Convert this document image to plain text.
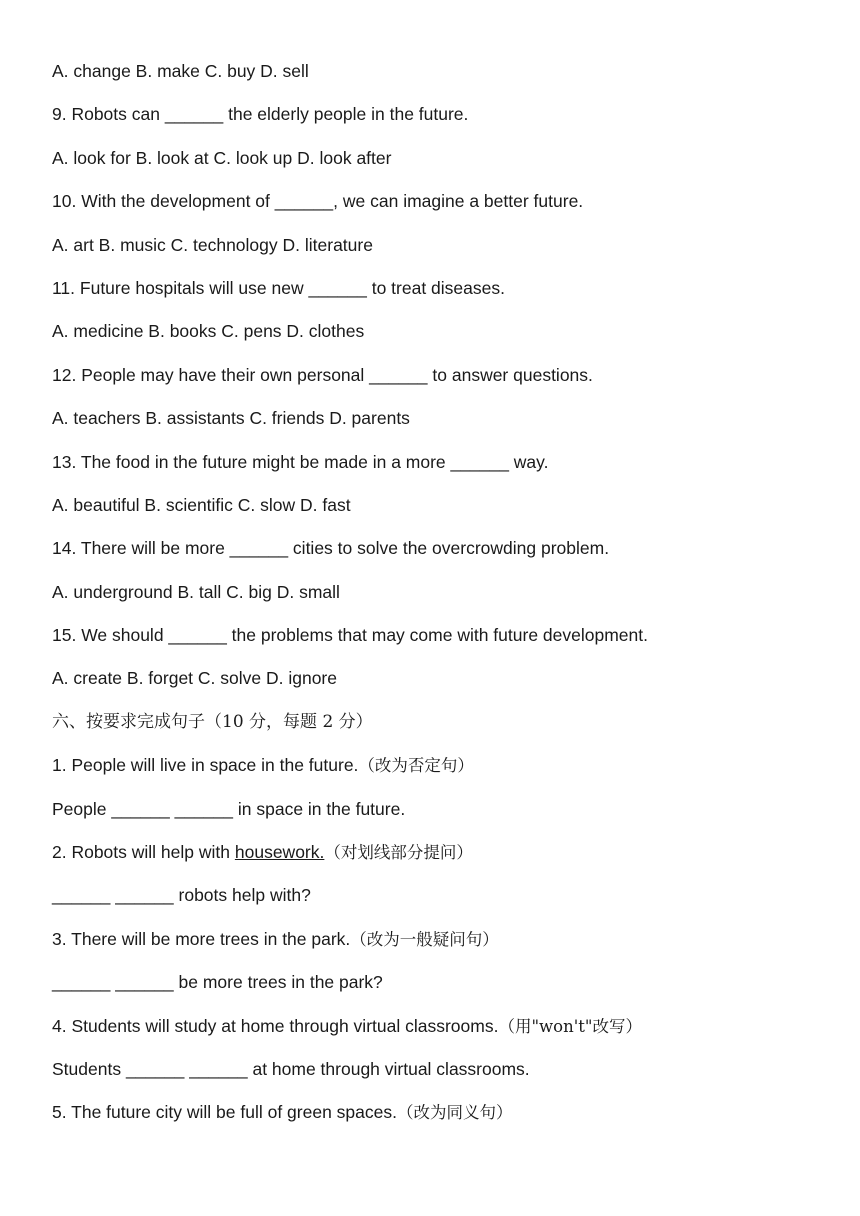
A. change B. make C. buy D. sell
9. Robots can ______ the elderly people in the future.
A. look for B. look at C. look up D. look after
10. With the development of ______, we can imagine a better future.
A. art B. music C. technology D. literature
11. Future hospitals will use new ______ to treat diseases.
A. medicine B. books C. pens D. clothes
12. People may have their own personal ______ to answer questions.
A. teachers B. assistants C. friends D. parents
13. The food in the future might be made in a more ______ way.
A. beautiful B. scientific C. slow D. fast
14. There will be more ______ cities to solve the overcrowding problem.
A. underground B. tall C. big D. small
15. We should ______ the problems that may come with future development.
A. create B. forget C. solve D. ignore
六、按要求完成句子（10 分，每题 2 分）
1. People will live in space in the future.（改为否定句）
People ______ ______ in space in the future.
2. Robots will help with housework.（对划线部分提问）
______ ______ robots help with?
3. There will be more trees in the park.（改为一般疑问句）
______ ______ be more trees in the park?
4. Students will study at home through virtual classrooms.（用"won't"改写）
Students ______ ______ at home through virtual classrooms.
5. The future city will be full of green spaces.（改为同义句）
